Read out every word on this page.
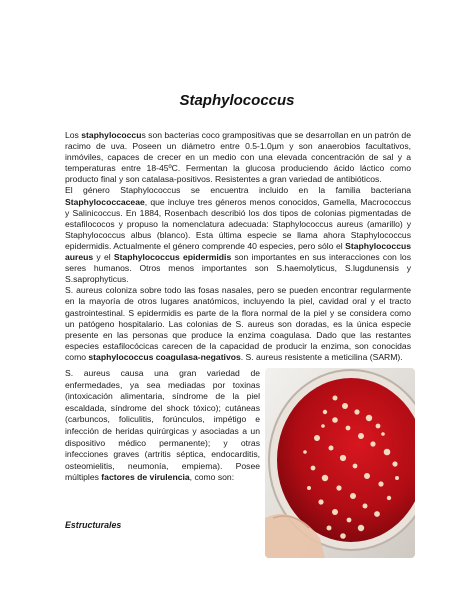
Staphylococcus

Los staphylococcus son bacterias coco grampositivas que se desarrollan en un patrón de racimo de uva. Poseen un diámetro entre 0.5-1.0µm y son anaerobios facultativos, inmóviles, capaces de crecer en un medio con una elevada concentración de sal y a temperaturas entre 18-45ºC. Fermentan la glucosa produciendo ácido láctico como producto final y son catalasa-positivos. Resistentes a gran variedad de antibióticos.

El género Staphylococcus se encuentra incluido en la familia bacteriana Staphylococcaceae, que incluye tres géneros menos conocidos, Gamella, Macrococcus y Salinicoccus. En 1884, Rosenbach describió los dos tipos de colonias pigmentadas de estafilococos y propuso la nomenclatura adecuada: Staphylococcus aureus (amarillo) y Staphylococcus albus (blanco). Esta última especie se llama ahora Staphylococcus epidermidis. Actualmente el género comprende 40 especies, pero sólo el Staphylococcus aureus y el Staphylococcus epidermidis son importantes en sus interacciones con los seres humanos. Otros menos importantes son S.haemolyticus, S.lugdunensis y S.saprophyticus.

S. aureus coloniza sobre todo las fosas nasales, pero se pueden encontrar regularmente en la mayoría de otros lugares anatómicos, incluyendo la piel, cavidad oral y el tracto gastrointestinal. S epidermidis es parte de la flora normal de la piel y se considera como un patógeno hospitalario. Las colonias de S. aureus son doradas, es la única especie presente en las personas que produce la enzima coagulasa. Dado que las restantes especies estafilocócicas carecen de la capacidad de producir la enzima, son conocidas como staphylococcus coagulasa-negativos. S. aureus resistente a meticilina (SARM).

S. aureus causa una gran variedad de enfermedades, ya sea mediadas por toxinas (intoxicación alimentaria, síndrome de la piel escaldada, síndrome del shock tóxico); cutáneas (carbuncos, foliculitis, forúnculos, impétigo e infección de heridas quirúrgicas y asociadas a un dispositivo médico permanente); y otras infecciones graves (artritis séptica, endocarditis, osteomielitis, neumonía, empiema). Posee múltiples factores de virulencia, como son:

Estructurales
